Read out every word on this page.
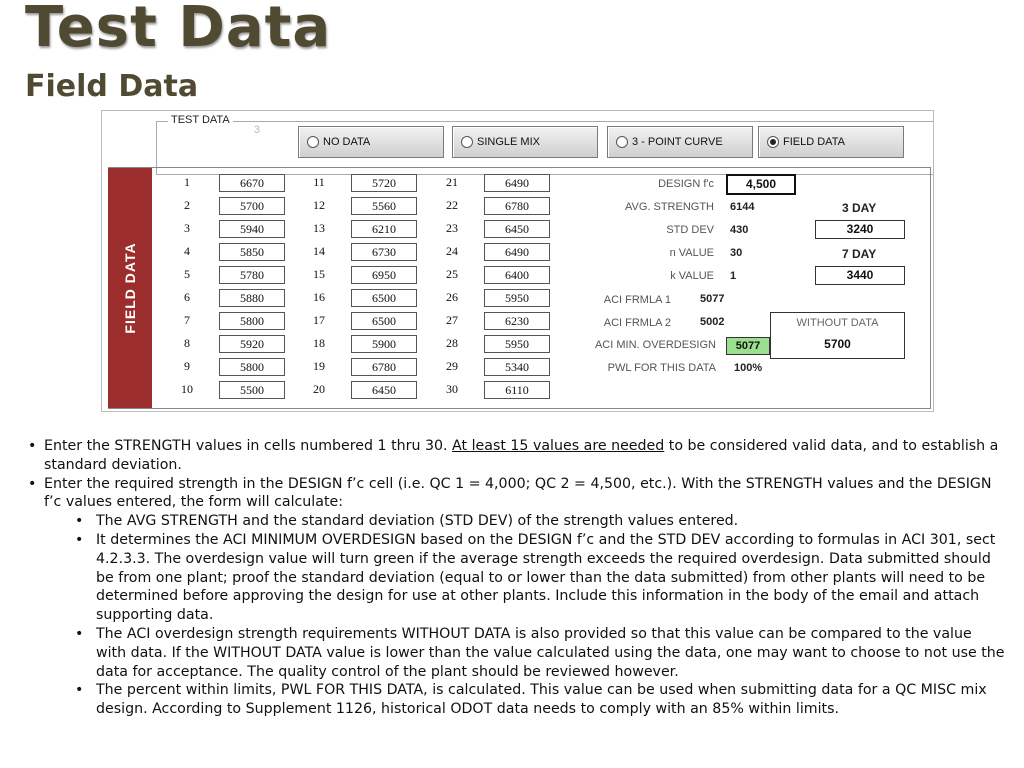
Test Data
Field Data
TEST DATA
3
NO DATA	SINGLE MIX	3 - POINT CURVE	FIELD DATA
FIELD DATA
1	6670
2	5700
3	5940
4	5850
5	5780
6	5880
7	5800
8	5920
9	5800
10	5500
11	5720
12	5560
13	6210
14	6730
15	6950
16	6500
17	6500
18	5900
19	6780
20	6450
21	6490
22	6780
23	6450
24	6490
25	6400
26	5950
27	6230
28	5950
29	5340
30	6110
DESIGN f'c	4,500
AVG. STRENGTH 6144
STD DEV 430
n VALUE 30
k VALUE 1
ACI FRMLA 1	5077
ACI FRMLA 2	5002
ACI MIN. OVERDESIGN	5077
PWL FOR THIS DATA 100%
3 DAY
3240
7 DAY
3440
WITHOUT DATA
5700
• Enter the STRENGTH values in cells numbered 1 thru 30. At least 15 values are needed to be considered valid data, and to establish a standard deviation.
• Enter the required strength in the DESIGN f’c cell (i.e. QC 1 = 4,000; QC 2 = 4,500, etc.). With the STRENGTH values and the DESIGN f’c values entered, the form will calculate:
• The AVG STRENGTH and the standard deviation (STD DEV) of the strength values entered.
• It determines the ACI MINIMUM OVERDESIGN based on the DESIGN f’c and the STD DEV according to formulas in ACI 301, sect 4.2.3.3. The overdesign value will turn green if the average strength exceeds the required overdesign. Data submitted should be from one plant; proof the standard deviation (equal to or lower than the data submitted) from other plants will need to be determined before approving the design for use at other plants. Include this information in the body of the email and attach supporting data.
• The ACI overdesign strength requirements WITHOUT DATA is also provided so that this value can be compared to the value with data. If the WITHOUT DATA value is lower than the value calculated using the data, one may want to choose to not use the data for acceptance. The quality control of the plant should be reviewed however.
• The percent within limits, PWL FOR THIS DATA, is calculated. This value can be used when submitting data for a QC MISC mix design. According to Supplement 1126, historical ODOT data needs to comply with an 85% within limits.
